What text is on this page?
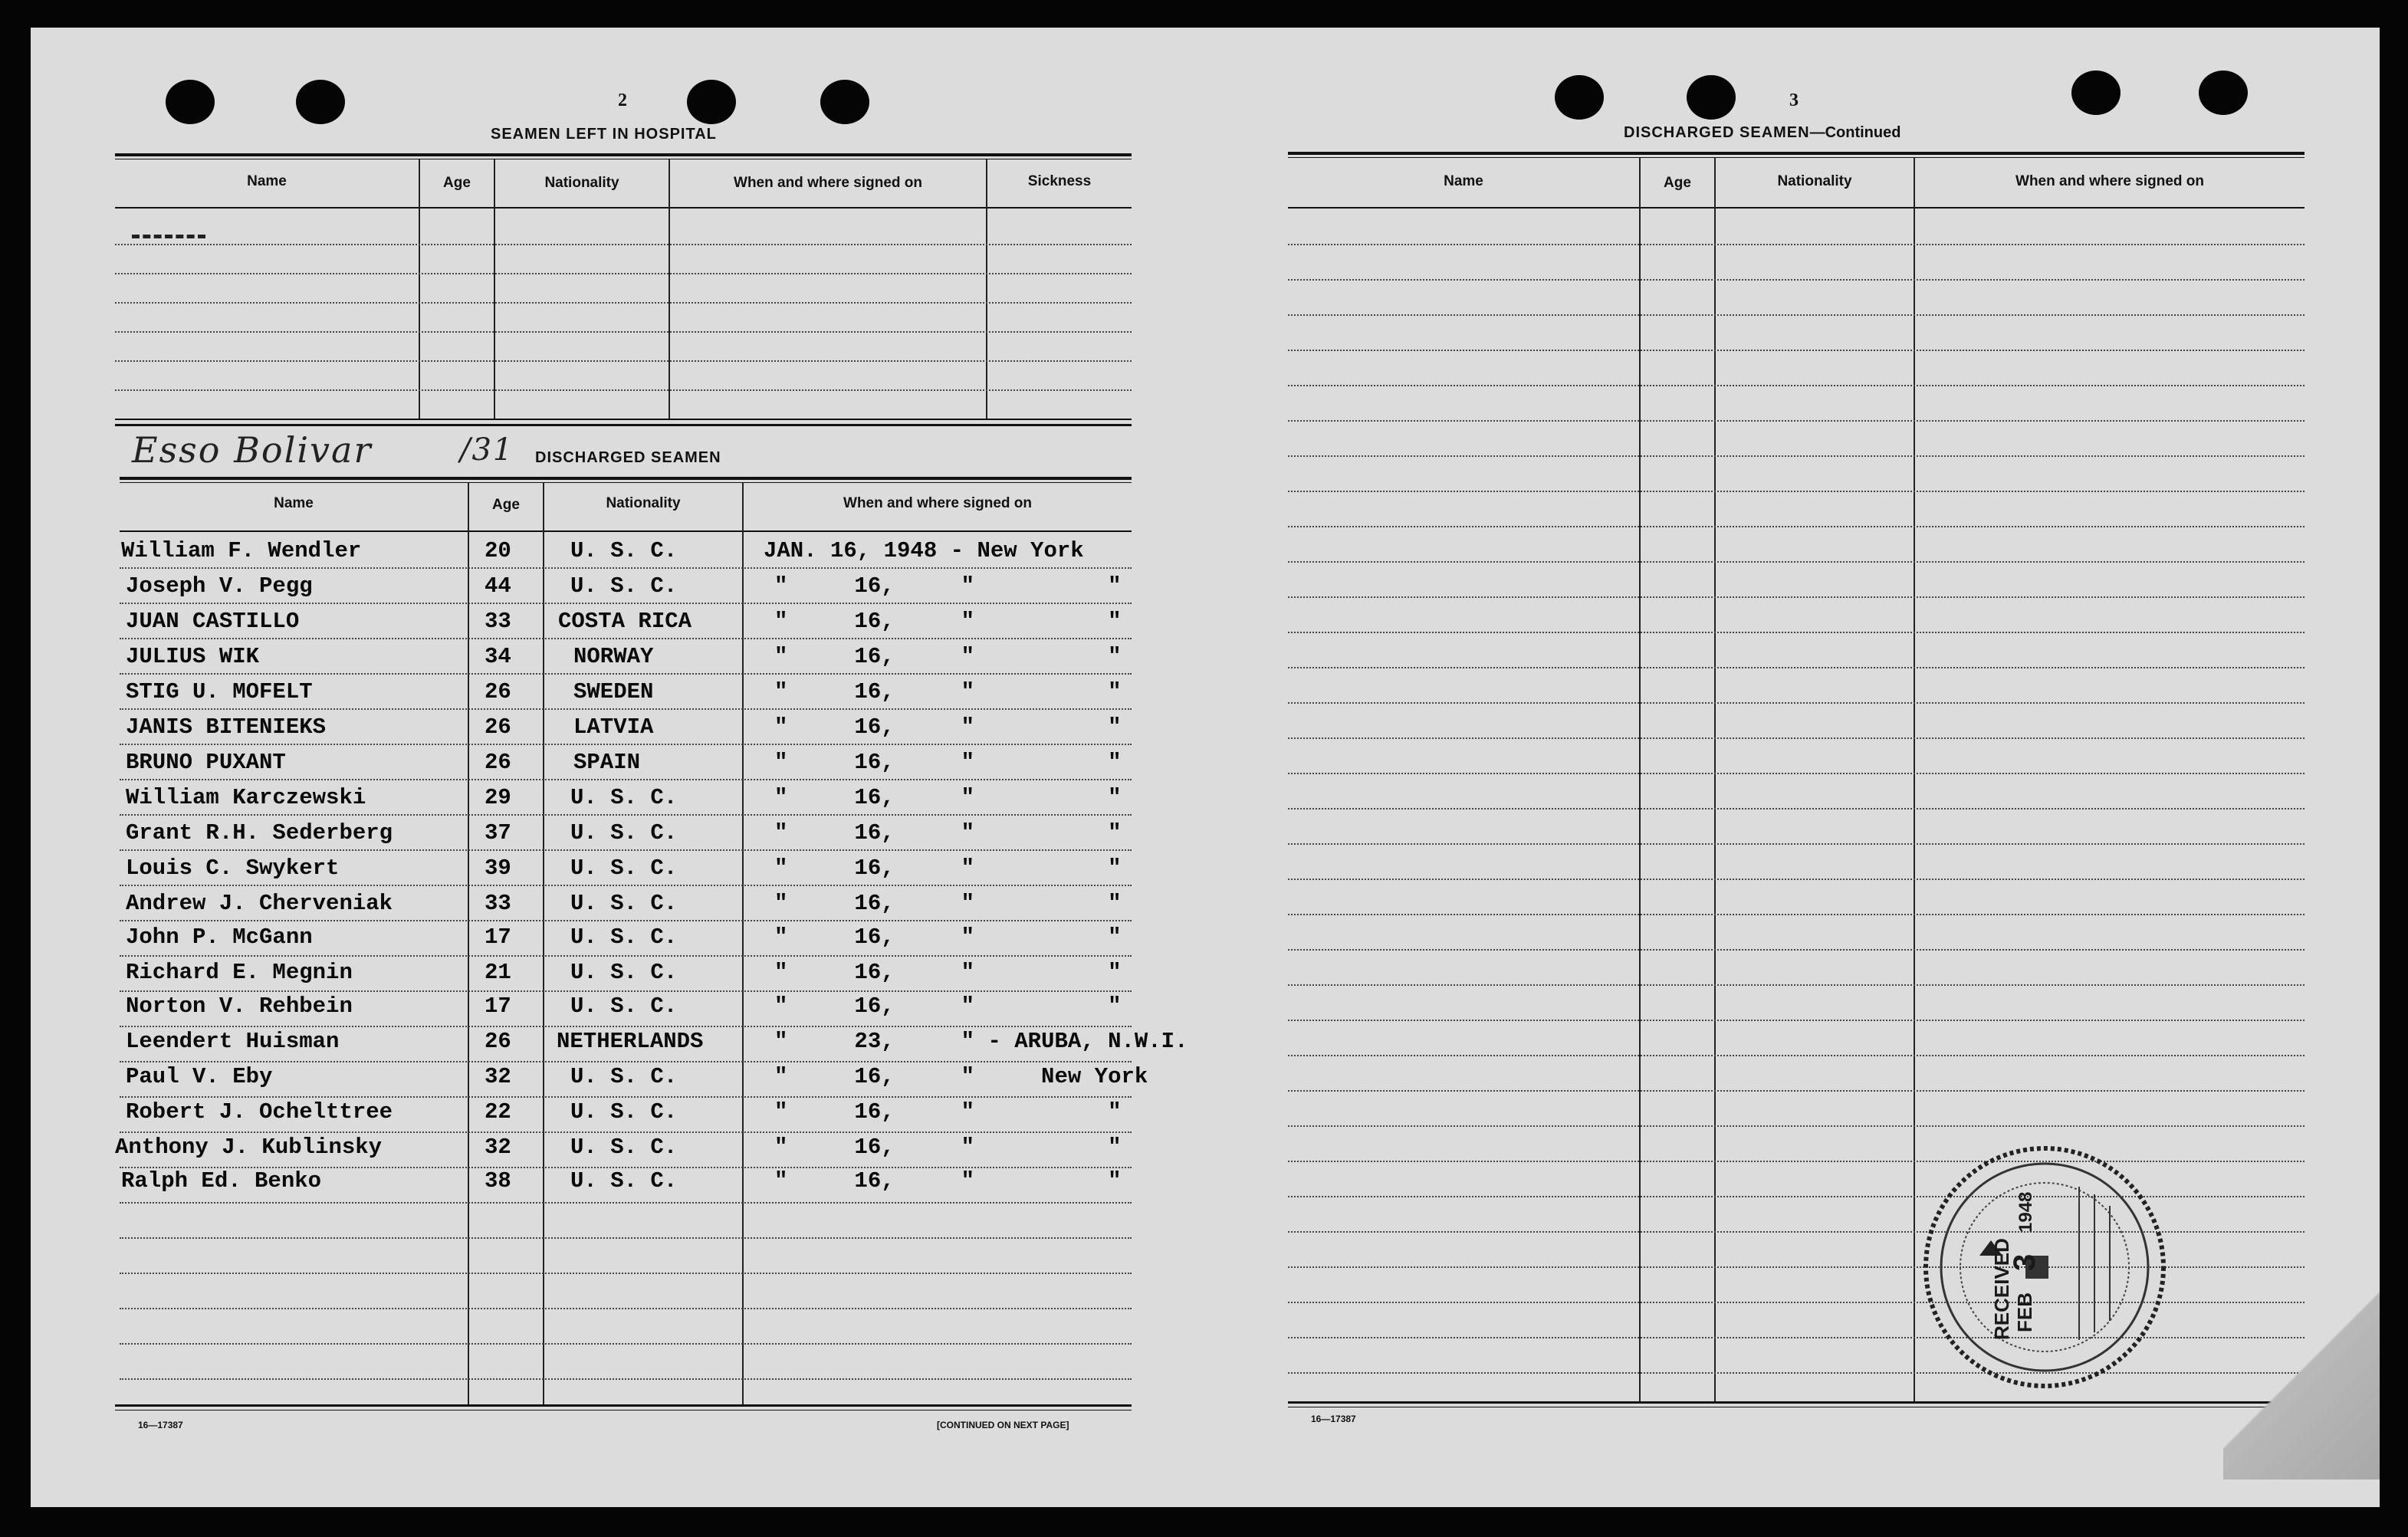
2
SEAMEN LEFT IN HOSPITAL
Name	Age	Nationality	When and where signed on	Sickness
Esso Bolivar	/31 DISCHARGED SEAMEN
Name	Age	Nationality	When and where signed on
William F. Wendler	20	U. S. C.	JAN. 16, 1948 - New York
Joseph V. Pegg	44	U. S. C.	"     16,     "          "
JUAN CASTILLO	33 COSTA RICA	"     16,     "          "
JULIUS WIK	34	NORWAY	"     16,     "          "
STIG U. MOFELT	26	SWEDEN	"     16,     "          "
JANIS BITENIEKS	26	LATVIA	"     16,     "          "
BRUNO PUXANT	26	SPAIN	"     16,     "          "
William Karczewski	29	U. S. C.	"     16,     "          "
Grant R.H. Sederberg	37	U. S. C.	"     16,     "          "
Louis C. Swykert	39	U. S. C.	"     16,     "          "
Andrew J. Cherveniak	33	U. S. C.	"     16,     "          "
John P. McGann	17	U. S. C.	"     16,     "          "
Richard E. Megnin	21	U. S. C.	"     16,     "          "
Norton V. Rehbein	17	U. S. C.	"     16,     "          "
Leendert Huisman	26 NETHERLANDS	"     23,     " - ARUBA, N.W.I.
Paul V. Eby	32	U. S. C.	"     16,     "     New York
Robert J. Ochelttree	22	U. S. C.	"     16,     "          "
Anthony J. Kublinsky	32	U. S. C.	"     16,     "          "
Ralph Ed. Benko	38	U. S. C.	"     16,     "          "
16—17387	[CONTINUED ON NEXT PAGE]
3
DISCHARGED SEAMEN—Continued
Name	Age	Nationality	When and where signed on
16—17387
RECEIVED FEB
3
1948
